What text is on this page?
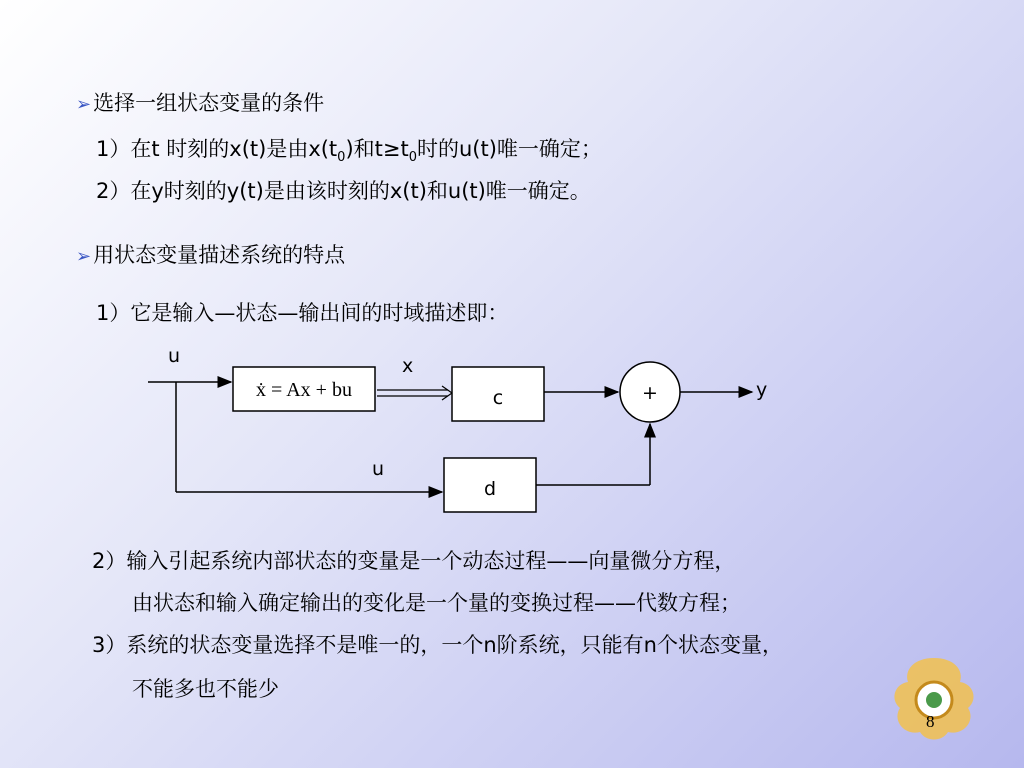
➢选择一组状态变量的条件
1）在t 时刻的x(t)是由$x(t_0)$和$t\ge t_0$时的u(t)唯一确定；
2）在y时刻的y(t)是由该时刻的x(t)和u(t)唯一确定。
➢用状态变量描述系统的特点
1）它是输入—状态—输出间的时域描述即：
u
ẋ = Ax + bu
x
c	+	y
u
d
2）输入引起系统内部状态的变量是一个动态过程——向量微分方程，
由状态和输入确定输出的变化是一个量的变换过程——代数方程；
3）系统的状态变量选择不是唯一的，一个n阶系统，只能有n个状态变量，
不能多也不能少
8
